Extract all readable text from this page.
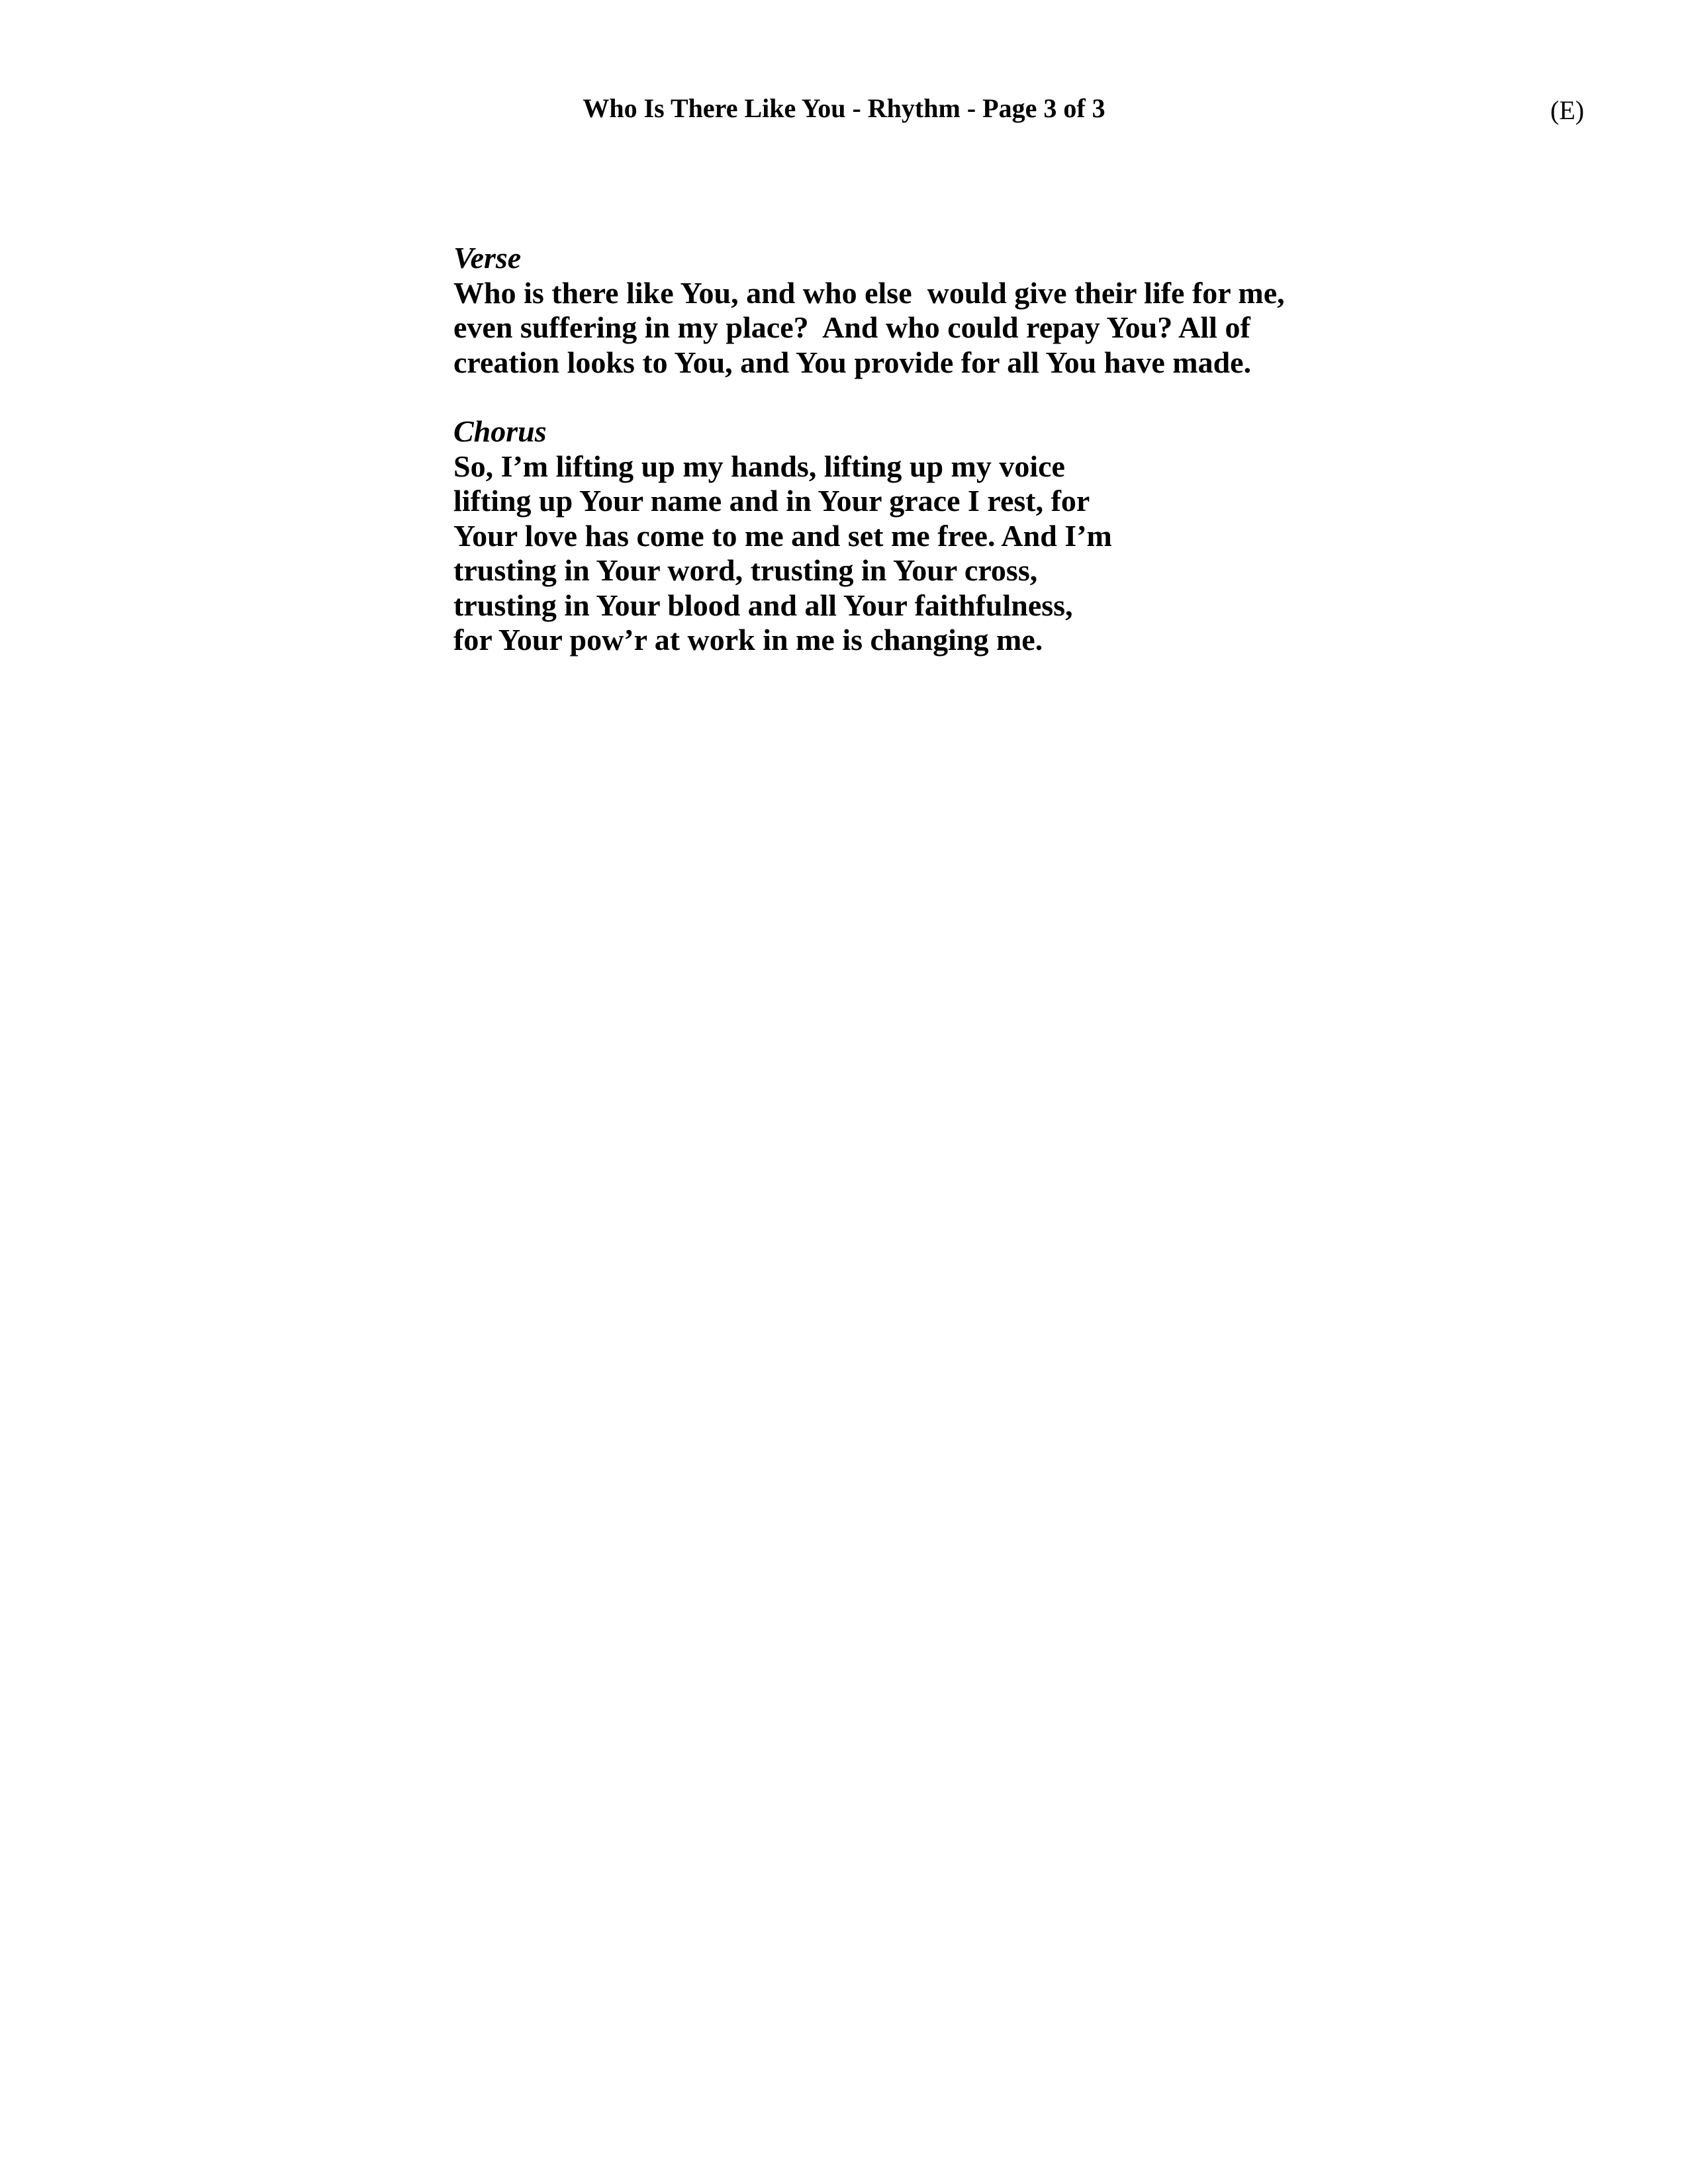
Who Is There Like You - Rhythm - Page 3 of 3	(E)
Verse
Who is there like You, and who else  would give their life for me,
even suffering in my place?  And who could repay You? All of
creation looks to You, and You provide for all You have made.
Chorus
So, I’m lifting up my hands, lifting up my voice
lifting up Your name and in Your grace I rest, for
Your love has come to me and set me free. And I’m
trusting in Your word, trusting in Your cross,
trusting in Your blood and all Your faithfulness,
for Your pow’r at work in me is changing me.
